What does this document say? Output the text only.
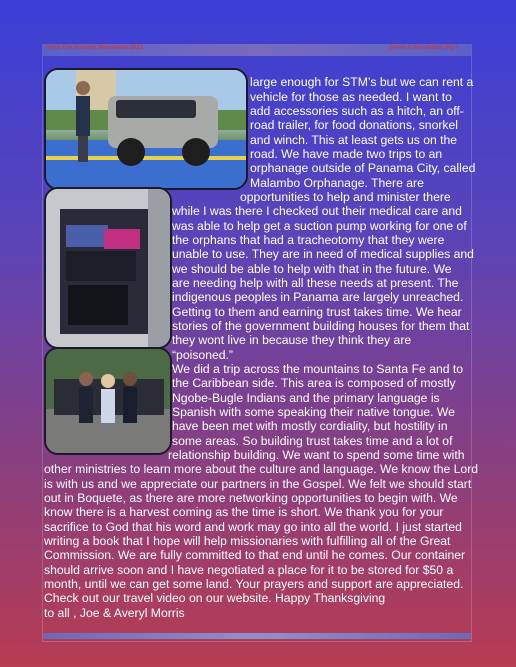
Feed The Nations Newsletter 2022	Serve in the Nation Pg 2
large enough for STM’s but we can rent a
vehicle for those as needed. I want to
add accessories such as a hitch, an off-
road trailer, for food donations, snorkel
and winch. This at least gets us on the
road. We have made two trips to an
orphanage outside of Panama City, called
Malambo Orphanage. There are
opportunities to help and minister there
while I was there I checked out their medical care and
was able to help get a suction pump working for one of
the orphans that had a tracheotomy that they were
unable to use. They are in need of medical supplies and
we should be able to help with that in the future. We
are needing help with all these needs at present. The
indigenous peoples in Panama are largely unreached.
Getting to them and earning trust takes time. We hear
stories of the government building houses for them that
they wont live in because they think they are
“poisoned.”
We did a trip across the mountains to Santa Fe and to
the Caribbean side. This area is composed of mostly
Ngobe-Bugle Indians and the primary language is
Spanish with some speaking their native tongue. We
have been met with mostly cordiality, but hostility in
some areas. So building trust takes time and a lot of
relationship building. We want to spend some time with
other ministries to learn more about the culture and language. We know the Lord
is with us and we appreciate our partners in the Gospel. We felt we should start
out in Boquete, as there are more networking opportunities to begin with. We
know there is a harvest coming as the time is short. We thank you for your
sacrifice to God that his word and work may go into all the world. I just started
writing a book that I hope will help missionaries with fulfilling all of the Great
Commission. We are fully committed to that end until he comes. Our container
should arrive soon and I have negotiated a place for it to be stored for $50 a
month, until we can get some land. Your prayers and support are appreciated.
Check out our travel video on our website. Happy Thanksgiving
to all , Joe & Averyl Morris
